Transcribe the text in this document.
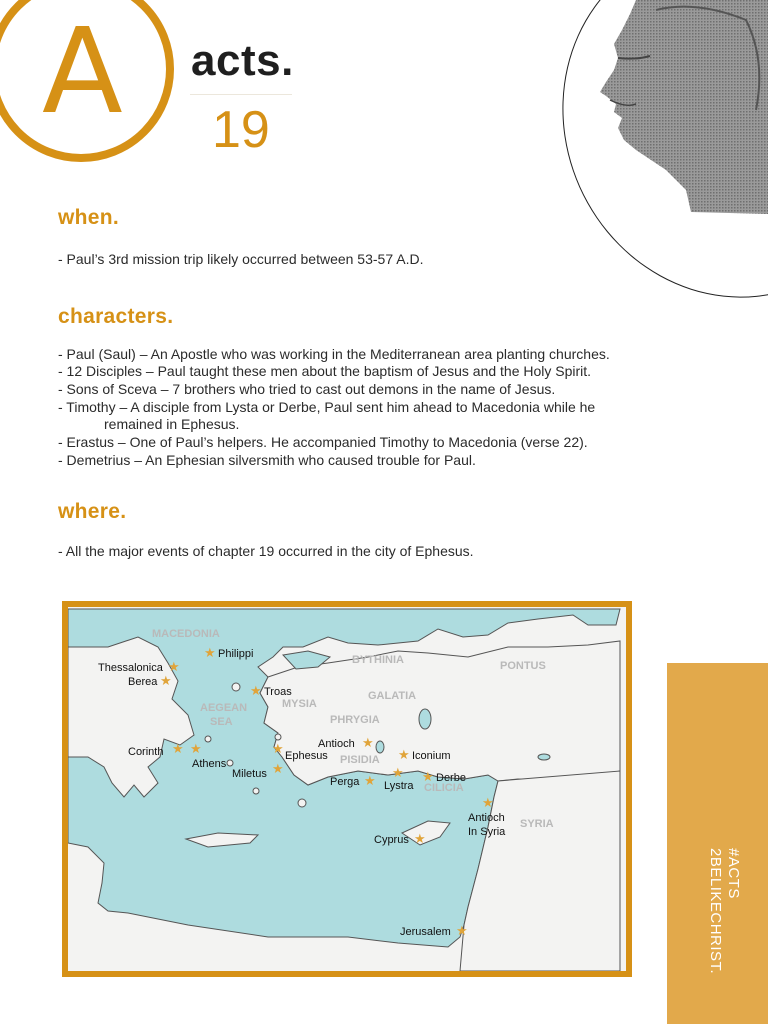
A acts.
19
when.
- Paul’s 3rd mission trip likely occurred between 53-57 A.D.
characters.
- Paul (Saul) – An Apostle who was working in the Mediterranean area planting churches.
- 12 Disciples – Paul taught these men about the baptism of Jesus and the Holy Spirit.
- Sons of Sceva – 7 brothers who tried to cast out demons in the name of Jesus.
- Timothy – A disciple from Lysta or Derbe, Paul sent him ahead to Macedonia while he
remained in Ephesus.
- Erastus – One of Paul’s helpers. He accompanied Timothy to Macedonia (verse 22).
- Demetrius – An Ephesian silversmith who caused trouble for Paul.
where.
- All the major events of chapter 19 occurred in the city of Ephesus.
MACEDONIA
BYTHINIA	PONTUS
AEGEAN
SEA
MYSIA
GALATIA
PHRYGIA
PISIDIA
CILICIA
SYRIA
★
★
★
★
★ ★	★
★
★
★
★
★ ★
★
★
★
Philippi
Thessalonica
Berea
Troas
Corinth
Athens
Ephesus
Miletus
Antioch
Iconium
Perga Lystra
Derbe
Antioch
In Syria
Cyprus
Jerusalem
#ACTS
2BELIKECHRIST.
